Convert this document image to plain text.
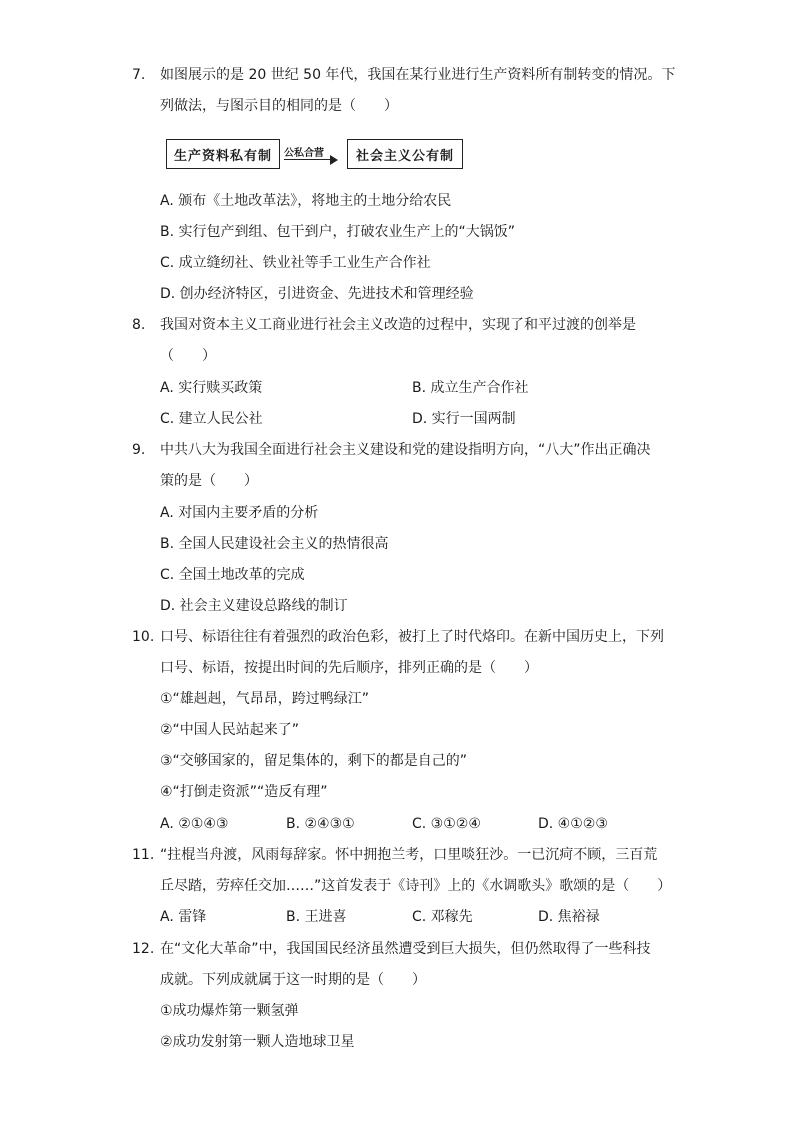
7.	如图展示的是 20 世纪 50 年代，我国在某行业进行生产资料所有制转变的情况。下
列做法，与图示目的相同的是（　　）
生产资料私有制	公私合营	社会主义公有制
A. 颁布《土地改革法》，将地主的土地分给农民
B. 实行包产到组、包干到户，打破农业生产上的“大锅饭”
C. 成立缝纫社、铁业社等手工业生产合作社
D. 创办经济特区，引进资金、先进技术和管理经验
8.	我国对资本主义工商业进行社会主义改造的过程中，实现了和平过渡的创举是
（　　）
A. 实行赎买政策	B. 成立生产合作社
C. 建立人民公社	D. 实行一国两制
9.	中共八大为我国全面进行社会主义建设和党的建设指明方向，“八大”作出正确决
策的是（　　）
A. 对国内主要矛盾的分析
B. 全国人民建设社会主义的热情很高
C. 全国土地改革的完成
D. 社会主义建设总路线的制订
10. 口号、标语往往有着强烈的政治色彩，被打上了时代烙印。在新中国历史上，下列
口号、标语，按提出时间的先后顺序，排列正确的是（　　）
①“雄赳赳，气昂昂，跨过鸭绿江”
②“中国人民站起来了”
③“交够国家的，留足集体的，剩下的都是自己的”
④“打倒走资派”“造反有理”
A. ②①④③	B. ②④③①	C. ③①②④	D. ④①②③
11. “拄棍当舟渡，风雨每辞家。怀中拥抱兰考，口里啖狂沙。一已沉疴不顾，三百荒
丘尽踏，劳瘁任交加……”这首发表于《诗刊》上的《水调歌头》歌颂的是（　　）
A. 雷锋	B. 王进喜	C. 邓稼先	D. 焦裕禄
12. 在“文化大革命”中，我国国民经济虽然遭受到巨大损失，但仍然取得了一些科技
成就。下列成就属于这一时期的是（　　）
①成功爆炸第一颗氢弹
②成功发射第一颗人造地球卫星
